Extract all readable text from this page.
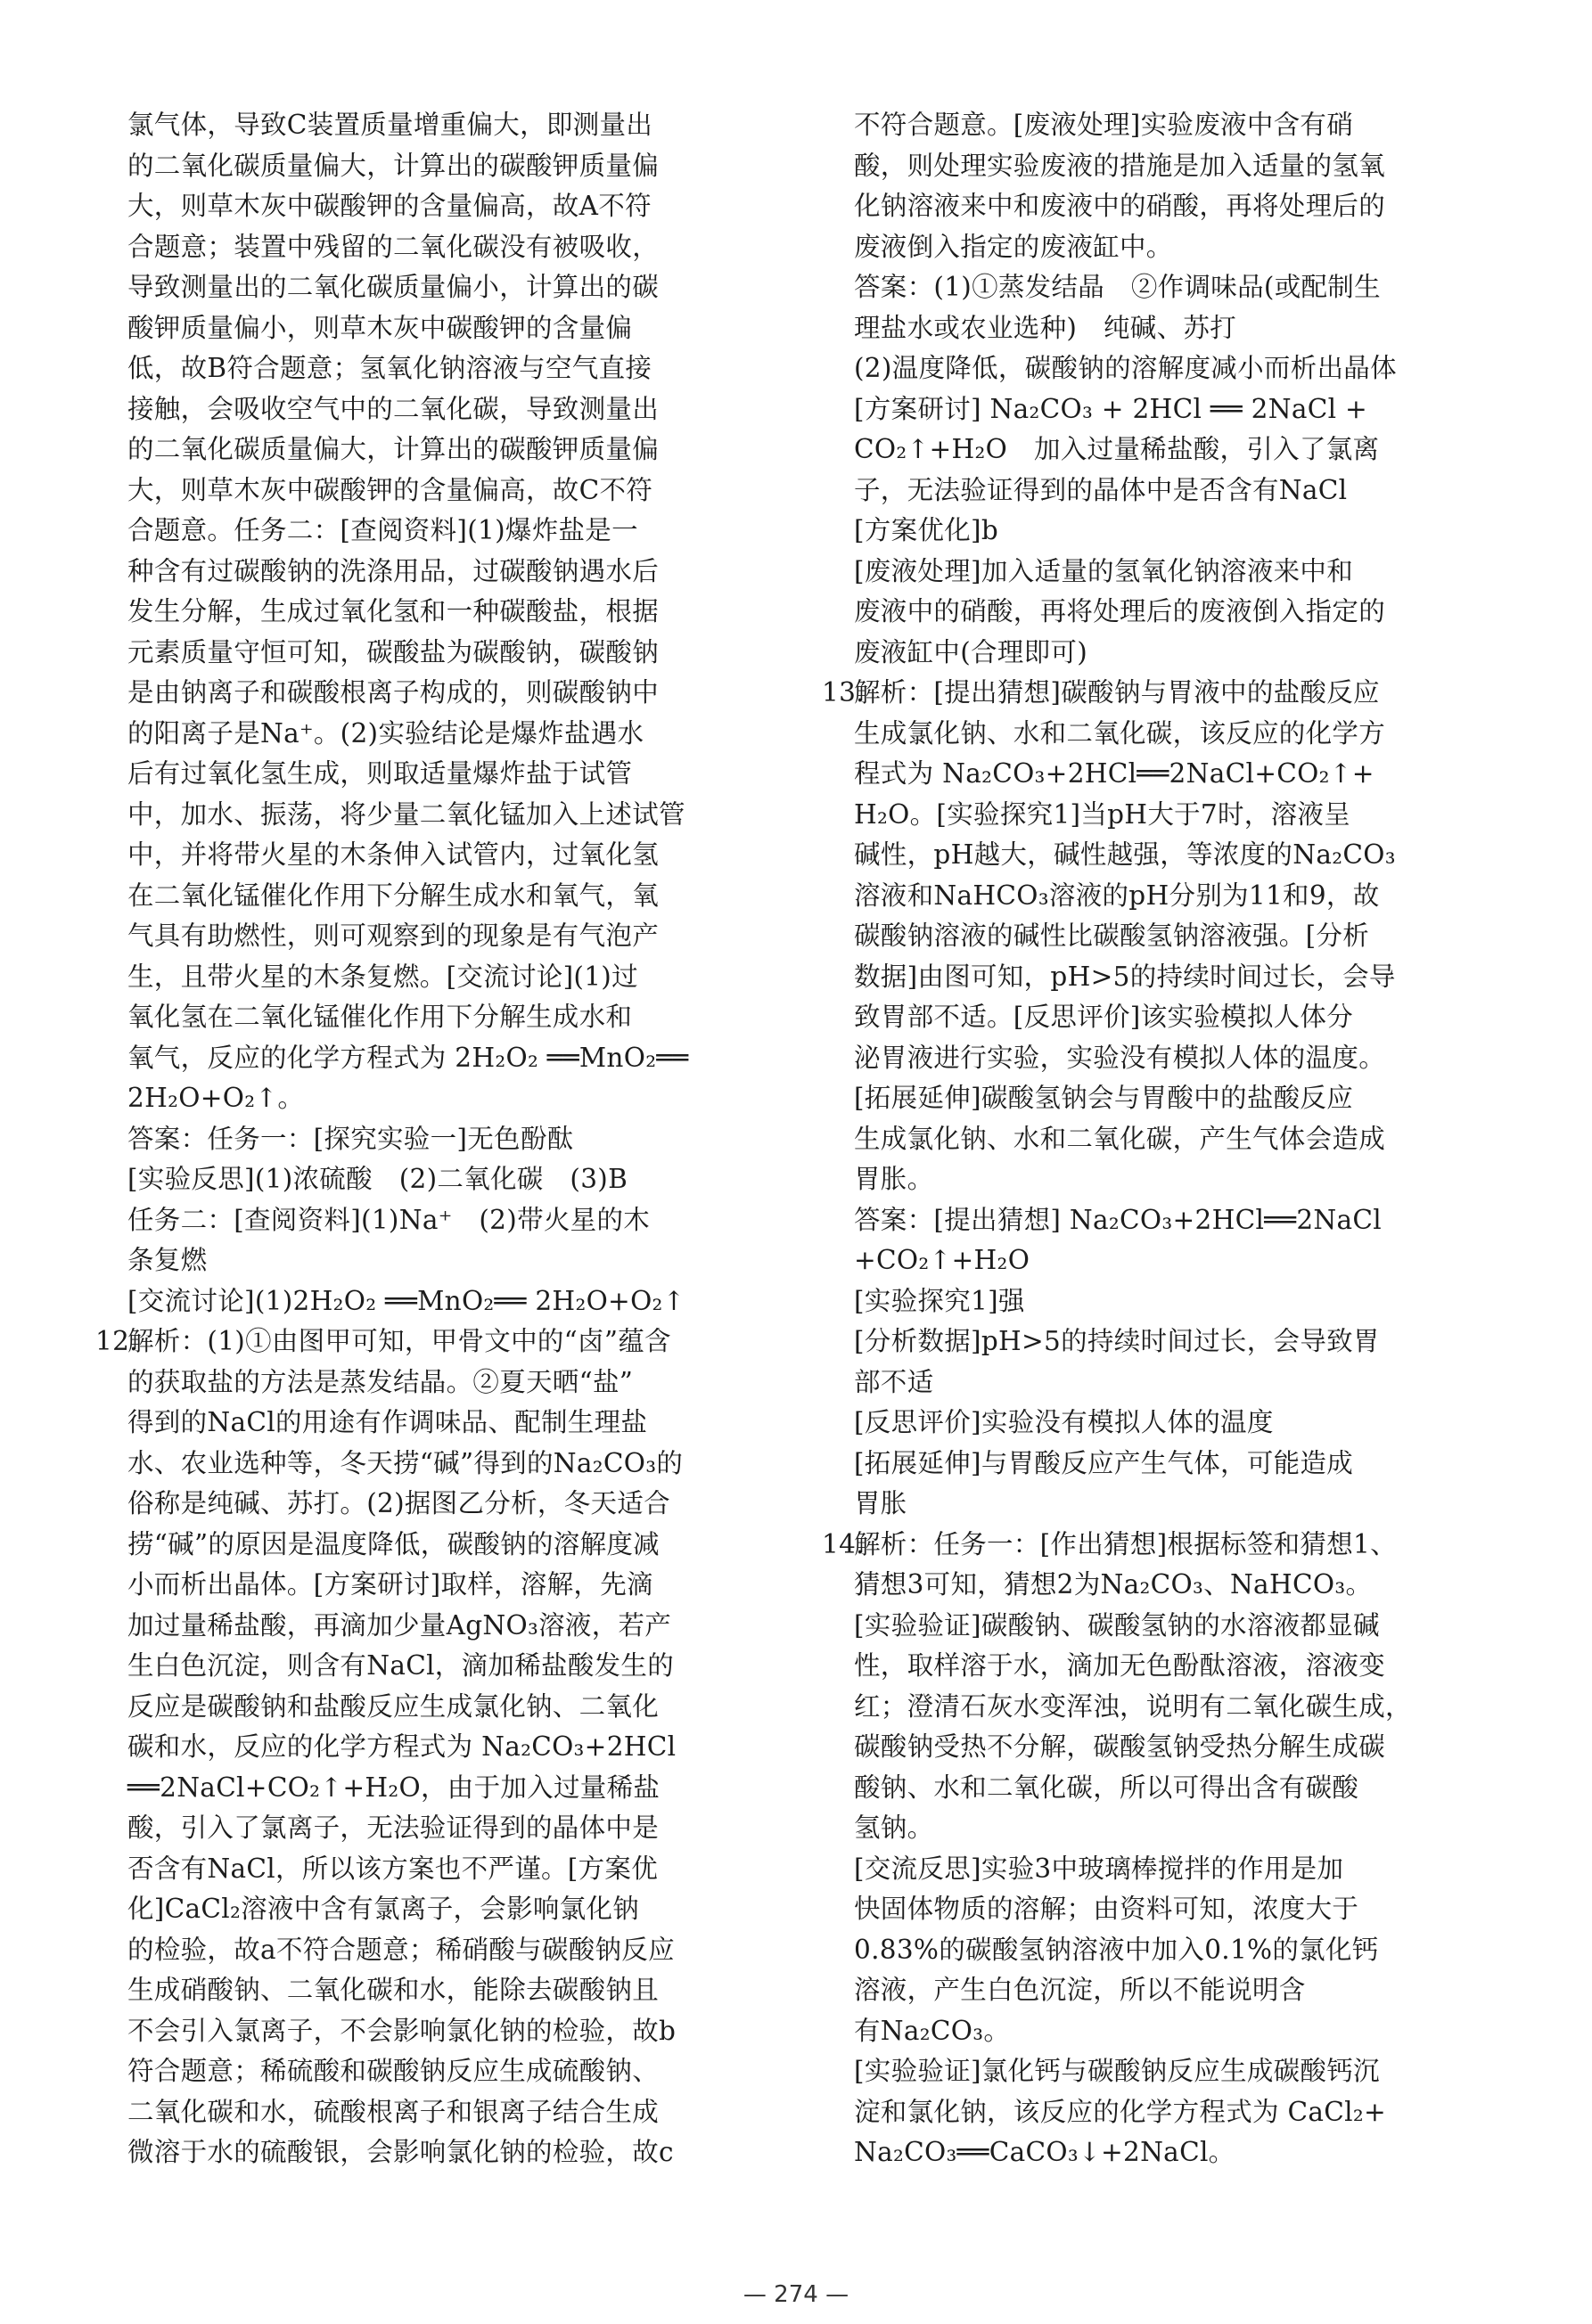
氯气体，导致C装置质量增重偏大，即测量出
的二氧化碳质量偏大，计算出的碳酸钾质量偏
大，则草木灰中碳酸钾的含量偏高，故A不符
合题意；装置中残留的二氧化碳没有被吸收，
导致测量出的二氧化碳质量偏小，计算出的碳
酸钾质量偏小，则草木灰中碳酸钾的含量偏
低，故B符合题意；氢氧化钠溶液与空气直接
接触，会吸收空气中的二氧化碳，导致测量出
的二氧化碳质量偏大，计算出的碳酸钾质量偏
大，则草木灰中碳酸钾的含量偏高，故C不符
合题意。任务二：[查阅资料](1)爆炸盐是一
种含有过碳酸钠的洗涤用品，过碳酸钠遇水后
发生分解，生成过氧化氢和一种碳酸盐，根据
元素质量守恒可知，碳酸盐为碳酸钠，碳酸钠
是由钠离子和碳酸根离子构成的，则碳酸钠中
的阳离子是Na⁺。(2)实验结论是爆炸盐遇水
后有过氧化氢生成，则取适量爆炸盐于试管
中，加水、振荡，将少量二氧化锰加入上述试管
中，并将带火星的木条伸入试管内，过氧化氢
在二氧化锰催化作用下分解生成水和氧气，氧
气具有助燃性，则可观察到的现象是有气泡产
生，且带火星的木条复燃。[交流讨论](1)过
氧化氢在二氧化锰催化作用下分解生成水和
氧气，反应的化学方程式为 2H₂O₂ ══MnO₂══
2H₂O+O₂↑。
答案：任务一：[探究实验一]无色酚酞
[实验反思](1)浓硫酸　(2)二氧化碳　(3)B
任务二：[查阅资料](1)Na⁺　(2)带火星的木
条复燃
[交流讨论](1)2H₂O₂ ══MnO₂══ 2H₂O+O₂↑
12.解析：(1)①由图甲可知，甲骨文中的“卤”蕴含
的获取盐的方法是蒸发结晶。②夏天晒“盐”
得到的NaCl的用途有作调味品、配制生理盐
水、农业选种等，冬天捞“碱”得到的Na₂CO₃的
俗称是纯碱、苏打。(2)据图乙分析，冬天适合
捞“碱”的原因是温度降低，碳酸钠的溶解度减
小而析出晶体。[方案研讨]取样，溶解，先滴
加过量稀盐酸，再滴加少量AgNO₃溶液，若产
生白色沉淀，则含有NaCl，滴加稀盐酸发生的
反应是碳酸钠和盐酸反应生成氯化钠、二氧化
碳和水，反应的化学方程式为 Na₂CO₃+2HCl
══2NaCl+CO₂↑+H₂O，由于加入过量稀盐
酸，引入了氯离子，无法验证得到的晶体中是
否含有NaCl，所以该方案也不严谨。[方案优
化]CaCl₂溶液中含有氯离子，会影响氯化钠
的检验，故a不符合题意；稀硝酸与碳酸钠反应
生成硝酸钠、二氧化碳和水，能除去碳酸钠且
不会引入氯离子，不会影响氯化钠的检验，故b
符合题意；稀硫酸和碳酸钠反应生成硫酸钠、
二氧化碳和水，硫酸根离子和银离子结合生成
微溶于水的硫酸银，会影响氯化钠的检验，故c
不符合题意。[废液处理]实验废液中含有硝
酸，则处理实验废液的措施是加入适量的氢氧
化钠溶液来中和废液中的硝酸，再将处理后的
废液倒入指定的废液缸中。
答案：(1)①蒸发结晶　②作调味品(或配制生
理盐水或农业选种)　纯碱、苏打
(2)温度降低，碳酸钠的溶解度减小而析出晶体
[方案研讨] Na₂CO₃ + 2HCl ══ 2NaCl +
CO₂↑+H₂O　加入过量稀盐酸，引入了氯离
子，无法验证得到的晶体中是否含有NaCl
[方案优化]b
[废液处理]加入适量的氢氧化钠溶液来中和
废液中的硝酸，再将处理后的废液倒入指定的
废液缸中(合理即可)
13.解析：[提出猜想]碳酸钠与胃液中的盐酸反应
生成氯化钠、水和二氧化碳，该反应的化学方
程式为 Na₂CO₃+2HCl══2NaCl+CO₂↑+
H₂O。[实验探究1]当pH大于7时，溶液呈
碱性，pH越大，碱性越强，等浓度的Na₂CO₃
溶液和NaHCO₃溶液的pH分别为11和9，故
碳酸钠溶液的碱性比碳酸氢钠溶液强。[分析
数据]由图可知，pH>5的持续时间过长，会导
致胃部不适。[反思评价]该实验模拟人体分
泌胃液进行实验，实验没有模拟人体的温度。
[拓展延伸]碳酸氢钠会与胃酸中的盐酸反应
生成氯化钠、水和二氧化碳，产生气体会造成
胃胀。
答案：[提出猜想] Na₂CO₃+2HCl══2NaCl
+CO₂↑+H₂O
[实验探究1]强
[分析数据]pH>5的持续时间过长，会导致胃
部不适
[反思评价]实验没有模拟人体的温度
[拓展延伸]与胃酸反应产生气体，可能造成
胃胀
14.解析：任务一：[作出猜想]根据标签和猜想1、
猜想3可知，猜想2为Na₂CO₃、NaHCO₃。
[实验验证]碳酸钠、碳酸氢钠的水溶液都显碱
性，取样溶于水，滴加无色酚酞溶液，溶液变
红；澄清石灰水变浑浊，说明有二氧化碳生成，
碳酸钠受热不分解，碳酸氢钠受热分解生成碳
酸钠、水和二氧化碳，所以可得出含有碳酸
氢钠。
[交流反思]实验3中玻璃棒搅拌的作用是加
快固体物质的溶解；由资料可知，浓度大于
0.83%的碳酸氢钠溶液中加入0.1%的氯化钙
溶液，产生白色沉淀，所以不能说明含
有Na₂CO₃。
[实验验证]氯化钙与碳酸钠反应生成碳酸钙沉
淀和氯化钠，该反应的化学方程式为 CaCl₂+
Na₂CO₃══CaCO₃↓+2NaCl。
— 274 —
